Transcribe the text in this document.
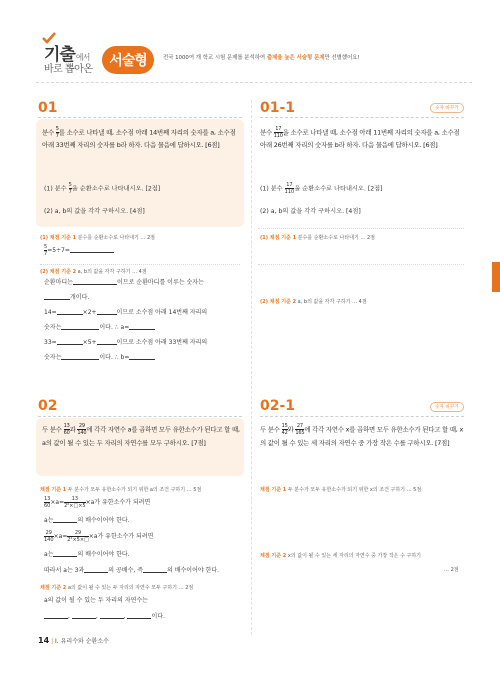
기출에서
바로 뽑아온
서술형	전국 1000여 개 학교 시험 문제를 분석하여 출제율 높은 서술형 문제만 선별했어요!
01
분수 $\frac{5}{7}$ 를 소수로 나타낼 때, 소수점 아래 14번째 자리의 숫자를 a, 소수점 아래 33번째 자리의 숫자를 b라 하자. 다음 물음에 답하시오. [6점]
(1) 분수 $\frac{5}{7}$ 을 순환소수로 나타내시오. [2점]
(2) a, b의 값을 각각 구하시오. [4점]
(1) 채점 기준 1 분수를 순환소수로 나타내기 … 2점
$\frac{5}{7} =5\div 7=$
(2) 채점 기준 2 a, b의 값을 각각 구하기 … 4점
순환마디는	이므로 순환마디를 이루는 숫자는
개이다.
14=	×2+	이므로 소수점 아래 14번째 자리의
숫자는	이다. ∴ a=
33=	×5+	이므로 소수점 아래 33번째 자리의
숫자는	이다. ∴ b=
01-1	숫자 바꾸기
분수 $\frac{17}{110}$ 을 소수로 나타낼 때, 소수점 아래 11번째 자리의 숫자를 a, 소수점 아래 26번째 자리의 숫자를 b라 하자. 다음 물음에 답하시오. [6점]
(1) 분수 $\frac{17}{110}$ 을 순환소수로 나타내시오. [2점]
(2) a, b의 값을 각각 구하시오. [4점]
(1) 채점 기준 1 분수를 순환소수로 나타내기 … 2점
(2) 채점 기준 2 a, b의 값을 각각 구하기 … 4점
02
두 분수 $\frac{13}{60}$ 과 $\frac{29}{140}$ 에 각각 자연수 a를 곱하면 모두 유한소수가 된다고 할 때, a의 값이 될 수 있는 두 자리의 자연수를 모두 구하시오. [7점]
채점 기준 1 두 분수가 모두 유한소수가 되기 위한 a의 조건 구하기 … 5점
$\frac{13}{60} \times a= \frac{13}{\text{2²×□×5}} \times a$가 유한소수가 되려면
a는	의 배수이어야 한다.
$\frac{29}{140} \times a= \frac{29}{\text{2²×5×□}} \times a$가 유한소수가 되려면
a는	의 배수이어야 한다.
따라서 a는 3과	의 공배수, 즉	의 배수이어야 한다.
채점 기준 2 a의 값이 될 수 있는 두 자리의 자연수 모두 구하기 … 2점
a의 값이 될 수 있는 두 자리의 자연수는
,	,	,	이다.
02-1	숫자 바꾸기
두 분수 $\frac{15}{42}$ 와 $\frac{27}{165}$ 에 각각 자연수 x를 곱하면 모두 유한소수가 된다고 할 때, x의 값이 될 수 있는 세 자리의 자연수 중 가장 작은 수를 구하시오. [7점]
채점 기준 1 두 분수가 모두 유한소수가 되기 위한 x의 조건 구하기 … 5점
채점 기준 2 x의 값이 될 수 있는 세 자리의 자연수 중 가장 작은 수 구하기
… 2점
14 | Ⅰ. 유리수와 순환소수
